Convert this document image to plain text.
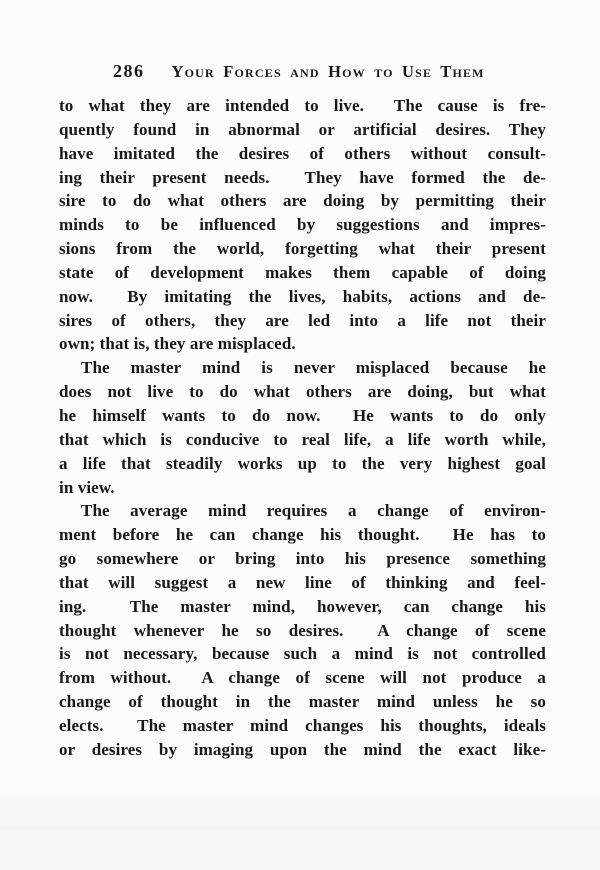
286 Your Forces and How to Use Them
to what they are intended to live.  The cause is fre-
quently found in abnormal or artificial desires. They
have imitated the desires of others without consult-
ing their present needs.  They have formed the de-
sire to do what others are doing by permitting their
minds to be influenced by suggestions and impres-
sions from the world, forgetting what their present
state of development makes them capable of doing
now.  By imitating the lives, habits, actions and de-
sires of others, they are led into a life not their
own; that is, they are misplaced.
The master mind is never misplaced because he
does not live to do what others are doing, but what
he himself wants to do now.  He wants to do only
that which is conducive to real life, a life worth while,
a life that steadily works up to the very highest goal
in view.
The average mind requires a change of environ-
ment before he can change his thought.  He has to
go somewhere or bring into his presence something
that will suggest a new line of thinking and feel-
ing.  The master mind, however, can change his
thought whenever he so desires.  A change of scene
is not necessary, because such a mind is not controlled
from without.  A change of scene will not produce a
change of thought in the master mind unless he so
elects.  The master mind changes his thoughts, ideals
or desires by imaging upon the mind the exact like-
